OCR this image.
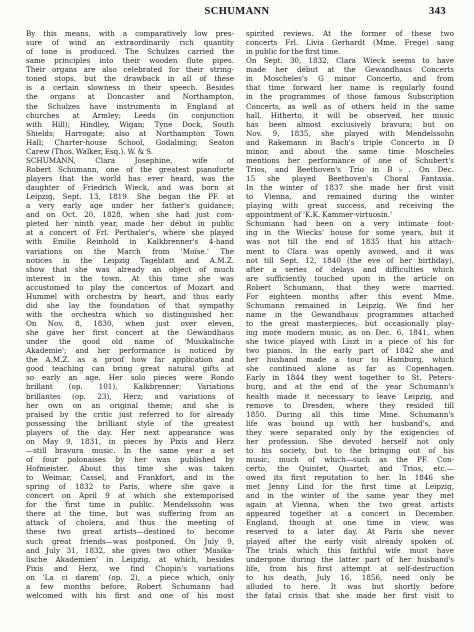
SCHUMANN	343
By this means, with a comparatively low pres-
sure of wind an extraordinarily rich quantity
of tone is produced. The Schulzes carried the
same principles into their wooden flute pipes.
Their organs are also celebrated for their string-
toned stops, but the drawback in all of these
is a certain slowness in their speech. Besides
the organs at Doncaster and Northampton,
the Schulzes have instruments in England at
churches at Armley; Leeds (in conjunction
with Hill); Hindley, Wigan; Tyne Dock, South
Shields; Harrogate; also at Northampton Town
Hall; Charter-house School, Godalming; Seaton
Carew (Thos. Walker, Esq.). W. & S.
SCHUMANN, Clara Josephine, wife of
Robert Schumann, one of the greatest pianoforte
players that the world has ever heard, was the
daughter of Friedrich Wieck, and was born at
Leipzig, Sept. 13, 1819. She began the PF. at
a very early age under her father's guidance;
and on Oct. 20, 1828, when she had just com-
pleted her ninth year, made her début in public
at a concert of Frl. Perthaler's, where she played
with Emilie Reinhold in Kalkbrenner's 4-hand
variations on the March from 'Moïse.' The
notices in the Leipzig Tageblatt and A.M.Z.
show that she was already an object of much
interest in the town. At this time she was
accustomed to play the concertos of Mozart and
Hummel with orchestra by heart, and thus early
did she lay the foundation of that sympathy
with the orchestra which so distinguished her.
On Nov. 8, 1830, when just over eleven,
she gave her first concert at the Gewandhaus
under the good old name of 'Musikalische
Akademie'; and her performance is noticed by
the A.M.Z. as a proof how far application and
good teaching can bring great natural gifts at
so early an age. Her solo pieces were Rondo
brillant (op. 101), Kalkbrenner; Variations
brillantes (op. 23), Herz; and variations of
her own on an original theme; and she is
praised by the critic just referred to for already
possessing the brilliant style of the greatest
players of the day. Her next appearance was
on May 9, 1831, in pieces by Pixis and Herz
—still bravura music. In the same year a set
of four polonaises by her was published by
Hofmeister. About this time she was taken
to Weimar, Cassel, and Frankfort, and in the
spring of 1832 to Paris, where she gave a
concert on April 9 at which she extemporised
for the first time in public. Mendelssohn was
there at the time, but was suffering from an
attack of cholera, and thus the meeting of
these two great artists—destined to become
such great friends—was postponed. On July 9,
and July 31, 1832, she gives two other 'Musika-
lische Akademien' in Leipzig, at which, besides
Pixis and Herz, we find Chopin's variations
on 'La ci darem' (op. 2), a piece which, only
a few months before, Robert Schumann had
welcomed with his first and one of his most
spirited reviews. At the former of these two
concerts Frl. Livia Gerhardt (Mme. Frege) sang
in public for the first time.
On Sept. 30, 1832, Clara Wieck seems to have
made her début at the Gewandhaus Concerts
in Moscheles's G minor Concerto, and from
that time forward her name is regularly found
in the programmes of those famous Subscription
Concerts, as well as of others held in the same
hall. Hitherto, it will be observed, her music
has been almost exclusively bravura; but on
Nov. 9, 1835, she played with Mendelssohn
and Rakemann in Bach's triple Concerto in D
minor, and about the same time Moscheles
mentions her performance of one of Schubert's
Trios, and Beethoven's Trio in B♭. On Dec.
15 she played Beethoven's Choral Fantasia.
In the winter of 1837 she made her first visit
to Vienna, and remained during the winter
playing with great success, and receiving the
appointment of 'K.K. Kammer-virtuosin.'
Schumann had been on a very intimate foot-
ing in the Wiecks' house for some years, but it
was not till the end of 1835 that his attach-
ment to Clara was openly avowed, and it was
not till Sept. 12, 1840 (the eve of her birthday),
after a series of delays and difficulties which
are sufficiently touched upon in the article on
Robert Schumann, that they were married.
For eighteen months after this event Mme.
Schumann remained in Leipzig. We find her
name in the Gewandhaus programmes attached
to the great masterpieces, but occasionally play-
ing more modern music, as on Dec. 6, 1841, when
she twice played with Liszt in a piece of his for
two pianos. In the early part of 1842 she and
her husband made a tour to Hamburg, which
she continued alone as far as Copenhagen.
Early in 1844 they went together to St. Peters-
burg, and at the end of the year Schumann's
health made it necessary to leave Leipzig, and
remove to Dresden, where they resided till
1850. During all this time Mme. Schumann's
life was bound up with her husband's, and
they were separated only by the exigencies of
her profession. She devoted herself not only
to his society, but to the bringing out of his
music, much of which—such as the PF. Con-
certo, the Quintet, Quartet, and Trios, etc.—
owed its first reputation to her. In 1846 she
met Jenny Lind for the first time at Leipzig,
and in the winter of the same year they met
again at Vienna, when the two great artists
appeared together at a concert in December.
England, though at one time in view, was
reserved to a later day. At Paris she never
played after the early visit already spoken of.
The trials which this faithful wife must have
undergone during the latter part of her husband's
life, from his first attempt at self-destruction
to his death, July 16, 1856, need only be
alluded to here. It was but shortly before
the fatal crisis that she made her first visit to
